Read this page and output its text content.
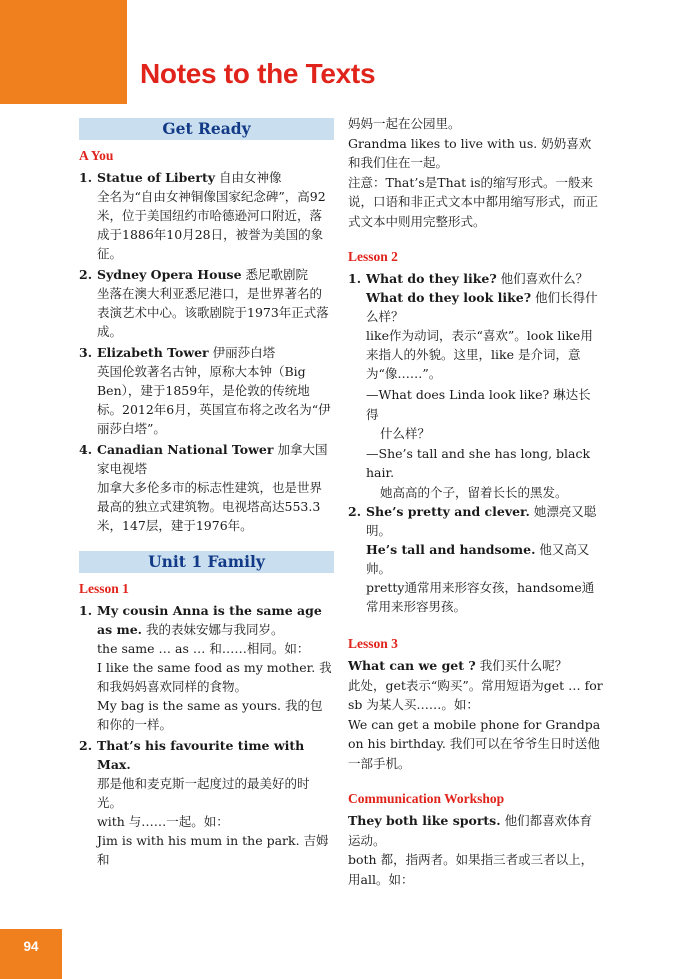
Notes to the Texts
Get Ready
A You
1. Statue of Liberty 自由女神像
全名为“自由女神铜像国家纪念碑”，高92米，位于美国纽约市哈德逊河口附近，落成于1886年10月28日，被誉为美国的象征。
2. Sydney Opera House 悉尼歌剧院
坐落在澳大利亚悉尼港口，是世界著名的表演艺术中心。该歌剧院于1973年正式落成。
3. Elizabeth Tower 伊丽莎白塔
英国伦敦著名古钟，原称大本钟（Big Ben），建于1859年，是伦敦的传统地标。2012年6月，英国宣布将之改名为“伊丽莎白塔”。
4. Canadian National Tower 加拿大国家电视塔
加拿大多伦多市的标志性建筑，也是世界最高的独立式建筑物。电视塔高达553.3米，147层，建于1976年。
Unit 1 Family
Lesson 1
1. My cousin Anna is the same age as me. 我的表妹安娜与我同岁。
the same … as … 和……相同。如：
I like the same food as my mother. 我和我妈妈喜欢同样的食物。
My bag is the same as yours. 我的包和你的一样。
2. That’s his favourite time with Max.
那是他和麦克斯一起度过的最美好的时光。
with 与……一起。如：
Jim is with his mum in the park. 吉姆和
妈妈一起在公园里。
Grandma likes to live with us. 奶奶喜欢和我们住在一起。
注意：That’s是That is的缩写形式。一般来说，口语和非正式文本中都用缩写形式，而正式文本中则用完整形式。
Lesson 2
1. What do they like? 他们喜欢什么？
What do they look like? 他们长得什么样？
like作为动词，表示“喜欢”。look like用来指人的外貌。这里，like 是介词，意为“像……”。
—What does Linda look like? 琳达长得
什么样？
—She’s tall and she has long, black hair.
她高高的个子，留着长长的黑发。
2. She’s pretty and clever. 她漂亮又聪明。
He’s tall and handsome. 他又高又帅。
pretty通常用来形容女孩，handsome通常用来形容男孩。
Lesson 3
What can we get ? 我们买什么呢？
此处，get表示“购买”。常用短语为get … for sb 为某人买……。如：
We can get a mobile phone for Grandpa on his birthday. 我们可以在爷爷生日时送他一部手机。
Communication Workshop
They both like sports. 他们都喜欢体育运动。
both 都，指两者。如果指三者或三者以上，用all。如：
94
